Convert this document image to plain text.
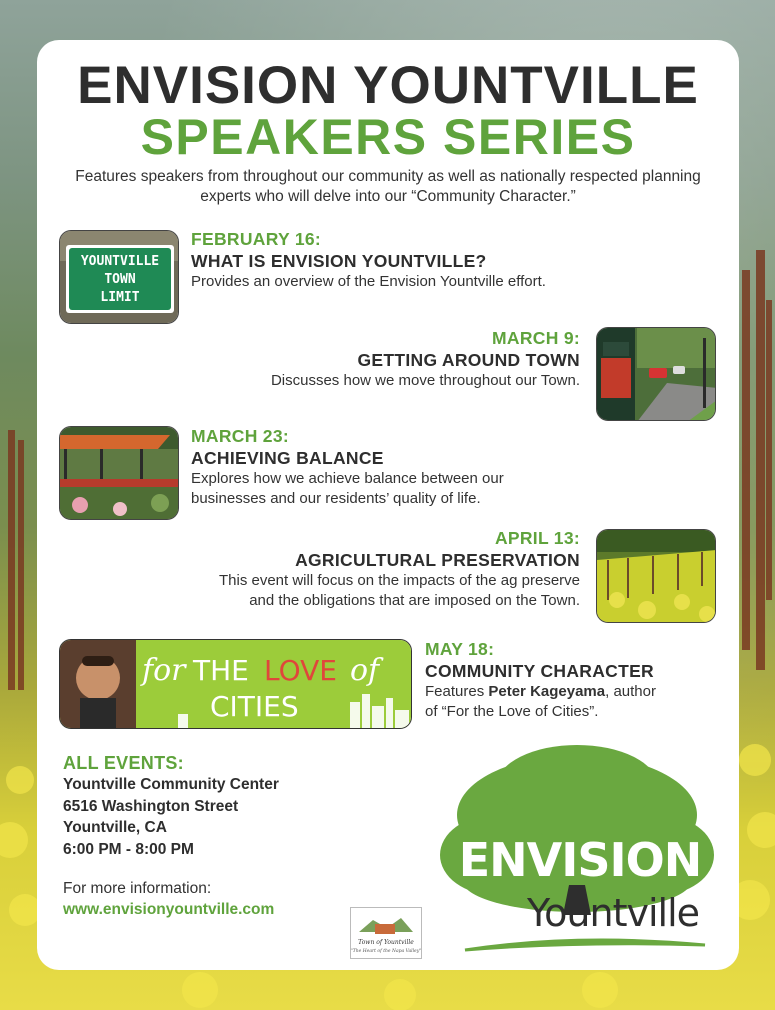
ENVISION YOUNTVILLE
SPEAKERS SERIES
Features speakers from throughout our community as well as nationally respected planning experts who will delve into our “Community Character.”
YOUNTVILLE
TOWN
LIMIT
FEBRUARY 16:
WHAT IS ENVISION YOUNTVILLE?
Provides an overview of the Envision Yountville effort.
MARCH 9:
GETTING AROUND TOWN
Discusses how we move throughout our Town.
MARCH 23:
ACHIEVING BALANCE
Explores how we achieve balance between our
businesses and our residents’ quality of life.
APRIL 13:
AGRICULTURAL PRESERVATION
This event will focus on the impacts of the ag preserve
and the obligations that are imposed on the Town.
for THE LOVE of
CITIES
MAY 18:
COMMUNITY CHARACTER
Features Peter Kageyama, author
of “For the Love of Cities”.
ALL EVENTS:
Yountville Community Center
6516 Washington Street
Yountville, CA
6:00 PM - 8:00 PM
For more information:
www.envisionyountville.com
Town of Yountville
"The Heart of the Napa Valley"
ENVISION
Yountville
